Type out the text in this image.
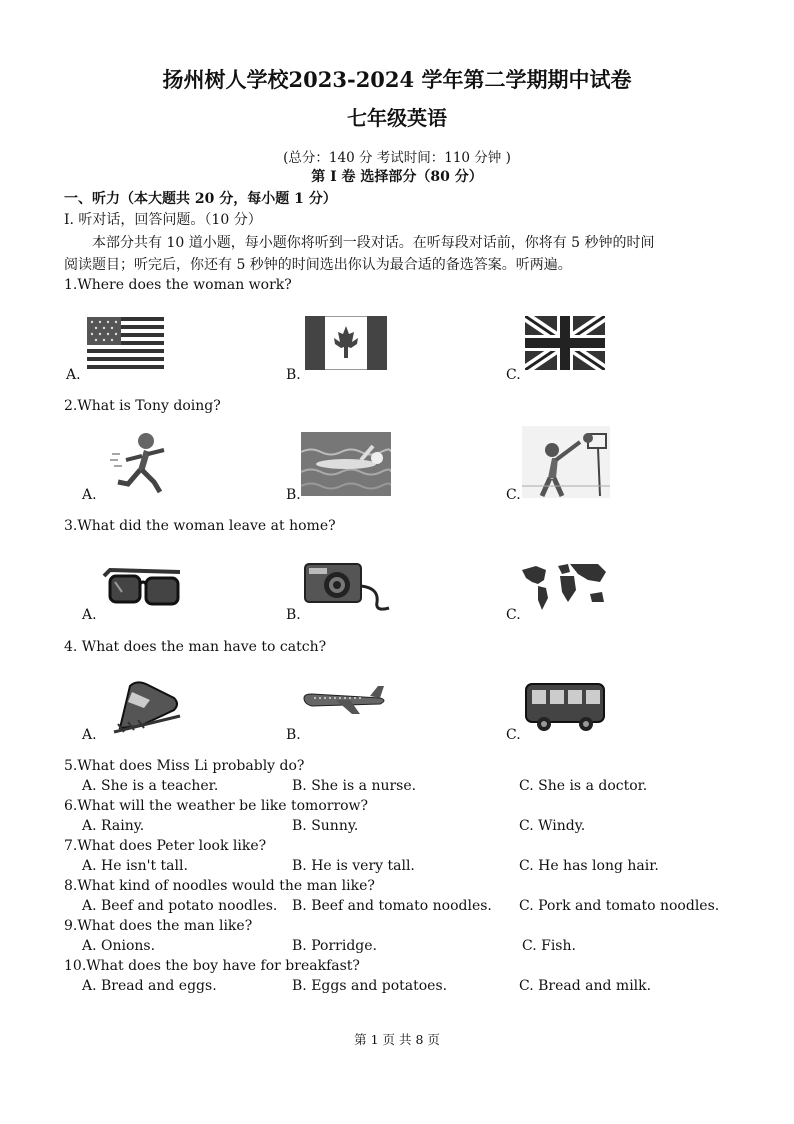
扬州树人学校2023-2024 学年第二学期期中试卷
七年级英语
(总分：140 分 考试时间：110 分钟 )
第 I 卷 选择部分（80 分）
一、听力（本大题共 20 分，每小题 1 分）
I. 听对话，回答问题。（10 分）
本部分共有 10 道小题，每小题你将听到一段对话。在听每段对话前，你将有 5 秒钟的时间
阅读题目；听完后，你还有 5 秒钟的时间选出你认为最合适的备选答案。听两遍。
1.Where does the woman work?
A.	B.	C.
2.What is Tony doing?
A.	B.	C.
3.What did the woman leave at home?
A.	B.	C.
4. What does the man have to catch?
A.	B.	C.
5.What does Miss Li probably do?
A. She is a teacher.	B. She is a nurse.	C. She is a doctor.
6.What will the weather be like tomorrow?
A. Rainy.	B. Sunny.	C. Windy.
7.What does Peter look like?
A. He isn't tall.	B. He is very tall.	C. He has long hair.
8.What kind of noodles would the man like?
A. Beef and potato noodles. B. Beef and tomato noodles. C. Pork and tomato noodles.
9.What does the man like?
A. Onions.	B. Porridge.	C. Fish.
10.What does the boy have for breakfast?
A. Bread and eggs.	B. Eggs and potatoes.	C. Bread and milk.
第 1 页 共 8 页
